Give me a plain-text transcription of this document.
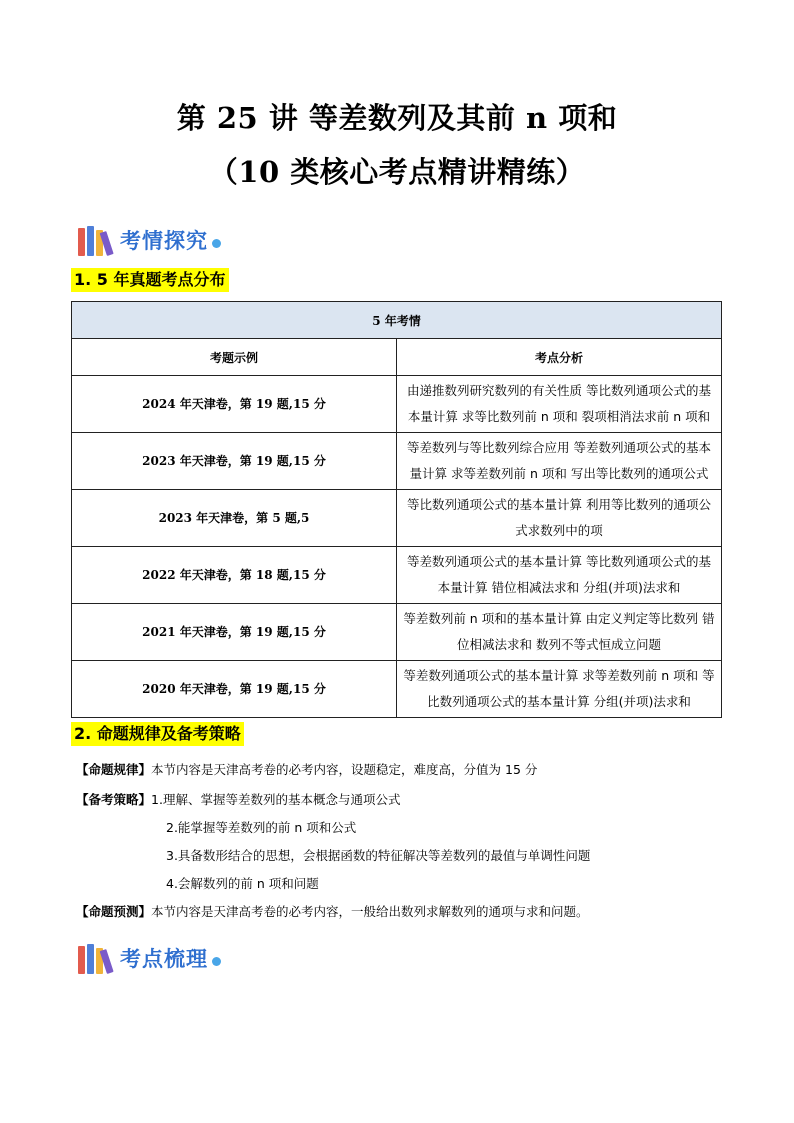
第 25 讲 等差数列及其前 n 项和
（10 类核心考点精讲精练）
考情探究
1. 5 年真题考点分布
5 年考情	
考题示例	考点分析
2024 年天津卷，第 19 题,15 分	由递推数列研究数列的有关性质 等比数列通项公式的基本量计算 求等比数列前 n 项和 裂项相消法求前 n 项和
2023 年天津卷，第 19 题,15 分	等差数列与等比数列综合应用 等差数列通项公式的基本量计算 求等差数列前 n 项和 写出等比数列的通项公式
2023 年天津卷，第 5 题,5	等比数列通项公式的基本量计算 利用等比数列的通项公式求数列中的项
2022 年天津卷，第 18 题,15 分	等差数列通项公式的基本量计算 等比数列通项公式的基本量计算 错位相减法求和 分组(并项)法求和
2021 年天津卷，第 19 题,15 分	等差数列前 n 项和的基本量计算 由定义判定等比数列 错位相减法求和 数列不等式恒成立问题
2020 年天津卷，第 19 题,15 分	等差数列通项公式的基本量计算 求等差数列前 n 项和 等比数列通项公式的基本量计算 分组(并项)法求和
2. 命题规律及备考策略
【命题规律】本节内容是天津高考卷的必考内容，设题稳定，难度高，分值为 15 分
【备考策略】1.理解、掌握等差数列的基本概念与通项公式
2.能掌握等差数列的前 n 项和公式
3.具备数形结合的思想，会根据函数的特征解决等差数列的最值与单调性问题
4.会解数列的前 n 项和问题
【命题预测】本节内容是天津高考卷的必考内容，一般给出数列求解数列的通项与求和问题。
考点梳理
